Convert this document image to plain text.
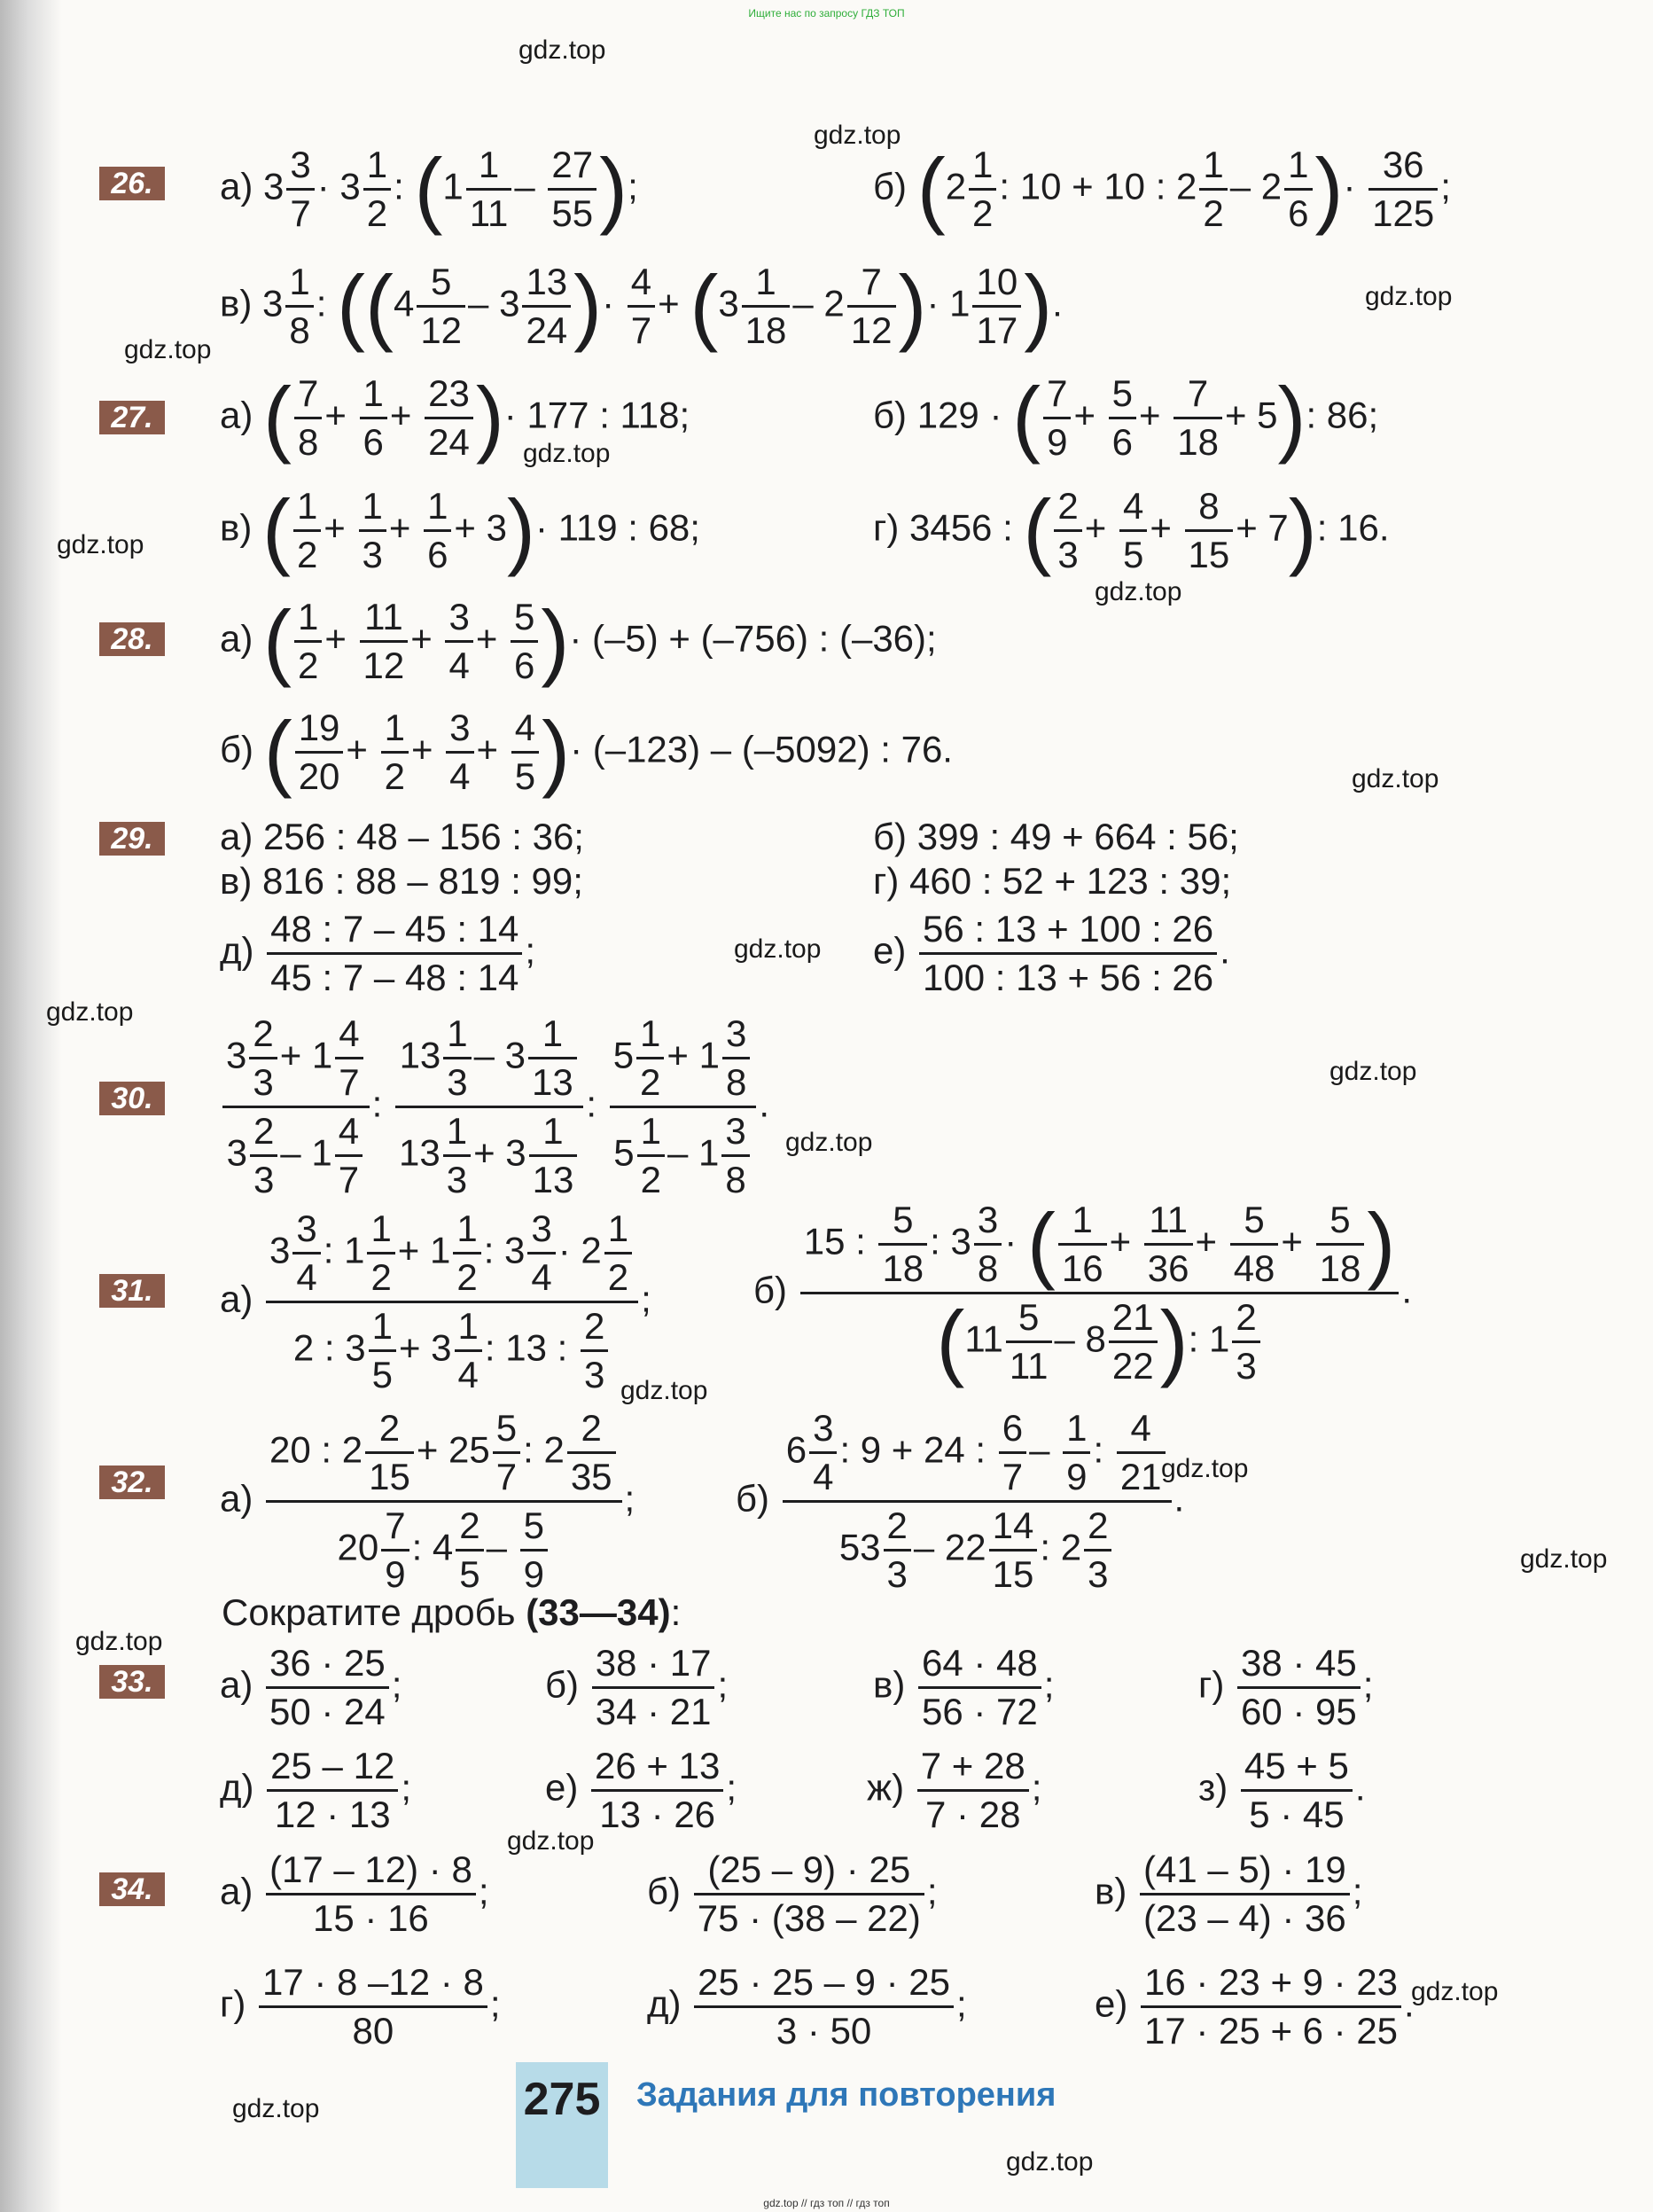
Ищите нас по запросу ГДЗ ТОП
gdz.top
gdz.top
gdz.top
gdz.top
gdz.top
gdz.top
gdz.top
gdz.top
gdz.top
gdz.top
gdz.top
gdz.top
gdz.top
gdz.top
gdz.top
gdz.top
gdz.top
gdz.top
gdz.top
gdz.top
26.
27.
28.
29.
30.
31.
32.
33.
34.
а) $3 \frac{3}{7} \cdot 3 \frac{1}{2}$ : ($1 \frac{1}{11} - \frac{27}{55}$ );	б) ($2 \frac{1}{2}$ : 10 + 10 : $2 \frac{1}{2} - 2 \frac{1}{6}$ )· $\frac{36}{125}$ ;
в) $3 \frac{1}{8}$ : (($4 \frac{5}{12} - 3 \frac{13}{24}$ )· $\frac{4}{7} + (3 \frac{1}{18} - 2 \frac{7}{12}$ )· $1 \frac{10}{17}$ ).
а) ( $\frac{7}{8} + \frac{1}{6} + \frac{23}{24}$ )· 177 : 118;	б) 129 · ( $\frac{7}{9} + \frac{5}{6} + \frac{7}{18} + 5$): 86;
в) ( $\frac{1}{2} + \frac{1}{3} + \frac{1}{6} + 3)\cdot 119$ : 68;	г) 3456 : ( $\frac{2}{3} + \frac{4}{5} + \frac{8}{15} + 7$): 16.
а) ( $\frac{1}{2} + \frac{11}{12} + \frac{3}{4} + \frac{5}{6}$ )· (–5) + (–756) : (–36);
б) ( $\frac{19}{20} + \frac{1}{2} + \frac{3}{4} + \frac{4}{5}$ )· (–123) – (–5092) : 76.
а) 256 : 48 – 156 : 36;	б) 399 : 49 + 664 : 56;
в) 816 : 88 – 819 : 99;	г) 460 : 52 + 123 : 39;
$д) \frac{48 : 7 - 45 : 14}{45 : 7 - 48 : 14}$ ;	$е) \frac{56 : 13 + 100 : 26}{100 : 13 + 56 : 26}$ .
$\frac{3 \frac{2}{3} + 1 \frac{4}{7}}{3 \frac{2}{3} - 1 \frac{4}{7}}$ : $\frac{13 \frac{1}{3} - 3 \frac{1}{13}}{13 \frac{1}{3} + 3 \frac{1}{13}}$ : $\frac{5 \frac{1}{2} + 1 \frac{3}{8}}{5 \frac{1}{2} - 1 \frac{3}{8}}$ .
$а) \frac{3 \frac{3}{4} : 1 \frac{1}{2} + 1 \frac{1}{2} : 3 \frac{3}{4} \cdot 2 \frac{1}{2}}{2 : 3 \frac{1}{5} + 3 \frac{1}{4} : 13 : \frac{2}{3}}$ ;	$б) \frac{15 : \frac{5}{18} : 3 \frac{3}{8} \cdot ( \frac{1}{16} + \frac{11}{36} + \frac{5}{48} + \frac{5}{18} )}{(11 \frac{5}{11} - 8 \frac{21}{22} ): 1 \frac{2}{3}}$ .
$а) \frac{20 : 2 \frac{2}{15} + 25 \frac{5}{7} : 2 \frac{2}{35}}{20 \frac{7}{9} : 4 \frac{2}{5} - \frac{5}{9}}$ ;	$б) \frac{6 \frac{3}{4} : 9 + 24 : \frac{6}{7} - \frac{1}{9} : \frac{4}{21}}{53 \frac{2}{3} - 22 \frac{14}{15} : 2 \frac{2}{3}}$ .
Сократите дробь (33—34):
$а) \frac{36 \cdot 25}{50 \cdot 24}$ ;	$б) \frac{38 \cdot 17}{34 \cdot 21}$ ;	$в) \frac{64 \cdot 48}{56 \cdot 72}$ ;	$г) \frac{38 \cdot 45}{60 \cdot 95}$ ;
$д) \frac{25 - 12}{12 \cdot 13}$ ;	$е) \frac{26 + 13}{13 \cdot 26}$ ;	$ж) \frac{7 + 28}{7 \cdot 28}$ ;	$з) \frac{45 + 5}{5 \cdot 45}$ .
$а) \frac{(17 - 12) \cdot 8}{15 \cdot 16}$ ;	$б) \frac{(25 - 9) \cdot 25}{75 \cdot (38 - 22)}$ ;	$в) \frac{(41 - 5) \cdot 19}{(23 - 4) \cdot 36}$ ;
$г) \frac{17 \cdot 8 -12 \cdot 8}{80}$ ;	$д) \frac{25 \cdot 25 - 9 \cdot 25}{3 \cdot 50}$ ;	$е) \frac{16 \cdot 23 + 9 \cdot 23}{17 \cdot 25 + 6 \cdot 25}$ .
275 Задания для повторения
gdz.top // гдз топ // гдз топ
